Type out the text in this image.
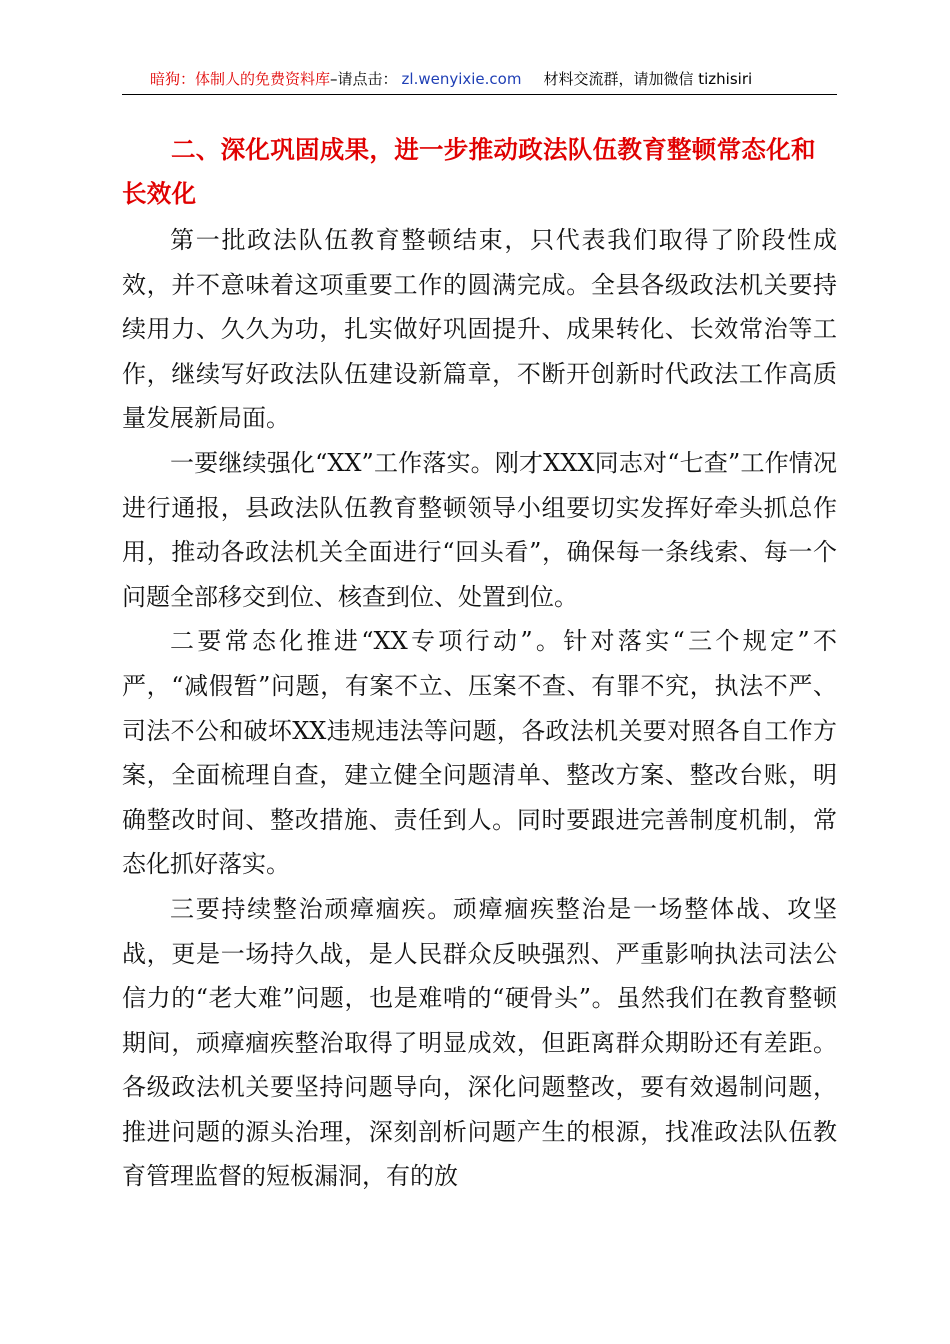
暗狗：体制人的免费资料库–请点击： zl.wenyixie.com 材料交流群，请加微信 tizhisiri
二、深化巩固成果，进一步推动政法队伍教育整顿常态化和长效化

第一批政法队伍教育整顿结束，只代表我们取得了阶段性成效，并不意味着这项重要工作的圆满完成。全县各级政法机关要持续用力、久久为功，扎实做好巩固提升、成果转化、长效常治等工作，继续写好政法队伍建设新篇章，不断开创新时代政法工作高质量发展新局面。

一要继续强化“XX”工作落实。刚才XXX同志对“七查”工作情况进行通报，县政法队伍教育整顿领导小组要切实发挥好牵头抓总作用，推动各政法机关全面进行“回头看”，确保每一条线索、每一个问题全部移交到位、核查到位、处置到位。

二要常态化推进“XX专项行动”。针对落实“三个规定”不严，“减假暂”问题，有案不立、压案不查、有罪不究，执法不严、司法不公和破坏XX违规违法等问题，各政法机关要对照各自工作方案，全面梳理自查，建立健全问题清单、整改方案、整改台账，明确整改时间、整改措施、责任到人。同时要跟进完善制度机制，常态化抓好落实。

三要持续整治顽瘴痼疾。顽瘴痼疾整治是一场整体战、攻坚战，更是一场持久战，是人民群众反映强烈、严重影响执法司法公信力的“老大难”问题，也是难啃的“硬骨头”。虽然我们在教育整顿期间，顽瘴痼疾整治取得了明显成效，但距离群众期盼还有差距。各级政法机关要坚持问题导向，深化问题整改，要有效遏制问题，推进问题的源头治理，深刻剖析问题产生的根源，找准政法队伍教育管理监督的短板漏洞，有的放
